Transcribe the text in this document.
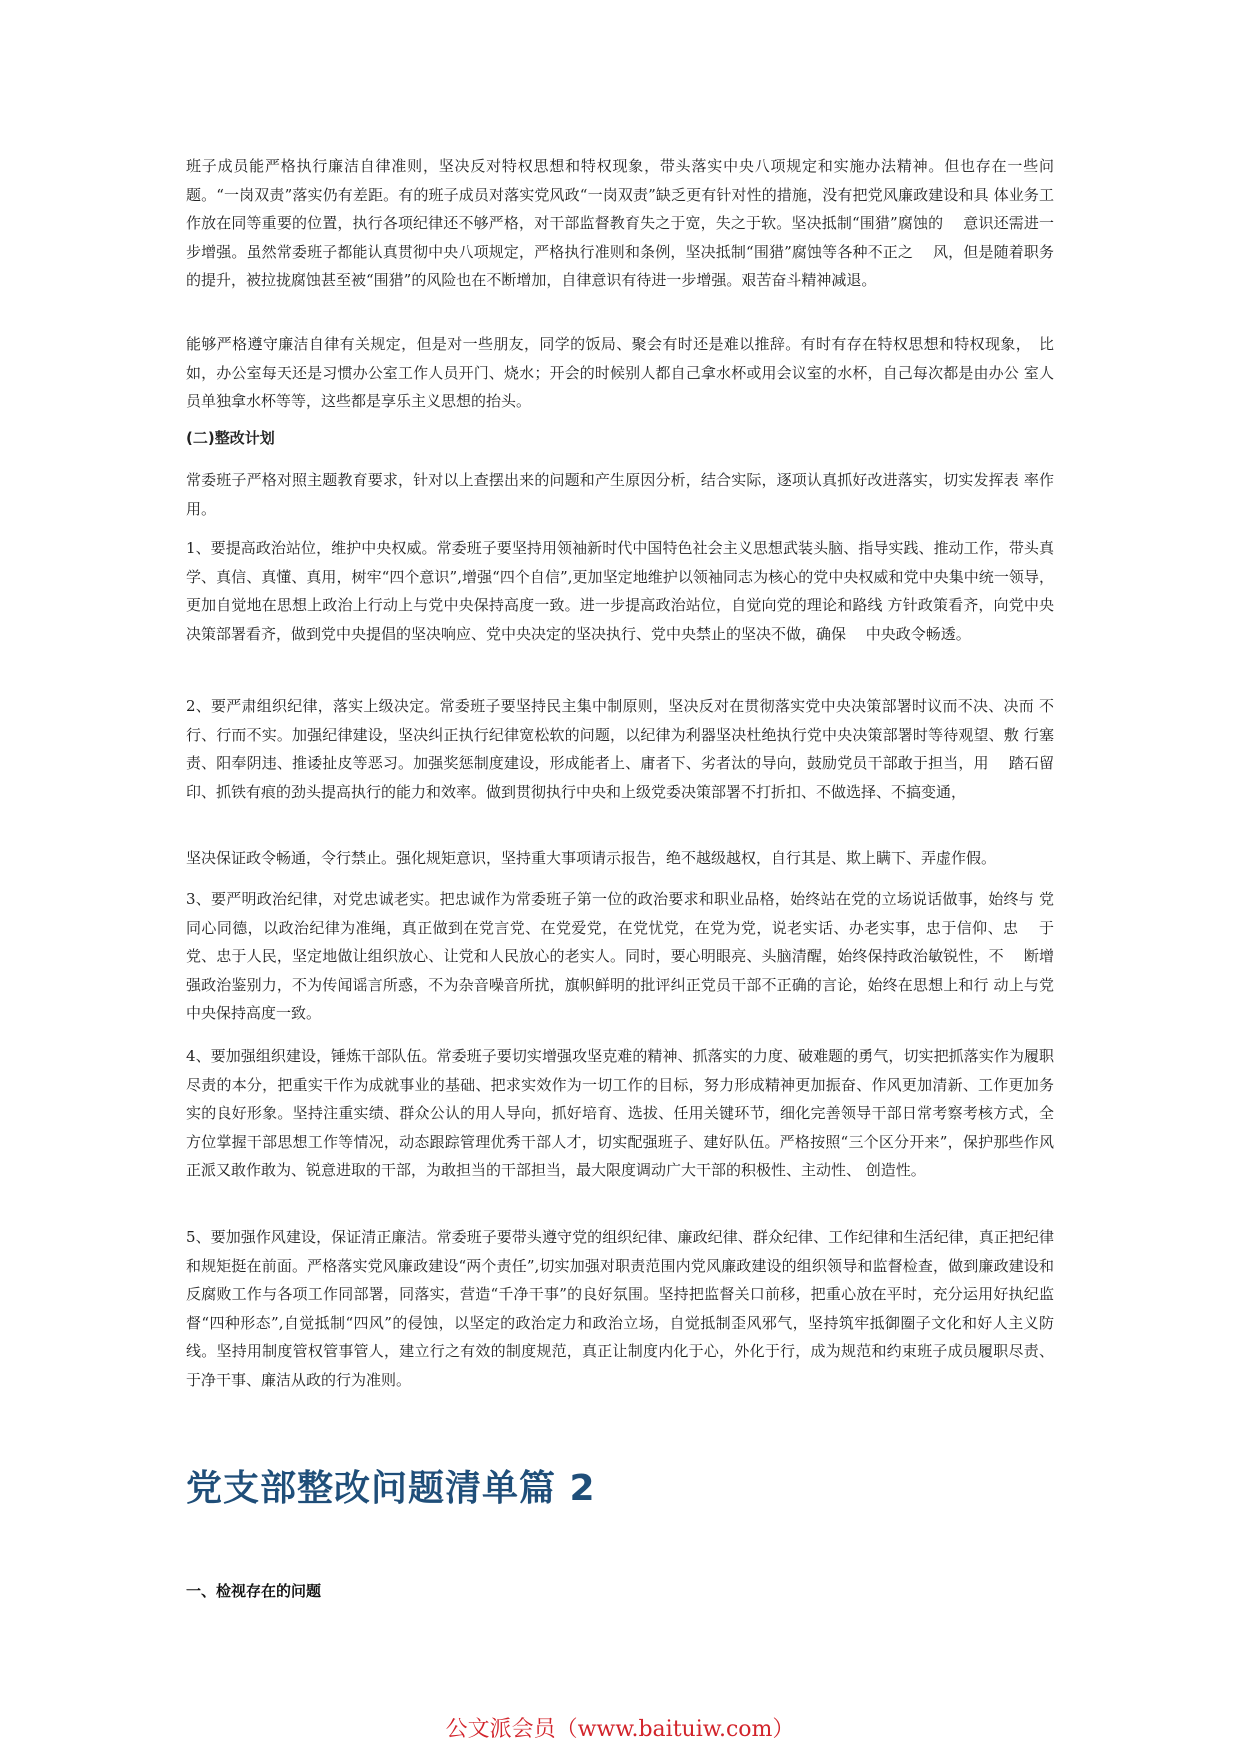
班子成员能严格执行廉洁自律准则，坚决反对特权思想和特权现象，带头落实中央八项规定和实施办法精神。但也存在一些问 题。“一岗双责”落实仍有差距。有的班子成员对落实党风政“一岗双责”缺乏更有针对性的措施，没有把党风廉政建设和具 体业务工作放在同等重要的位置，执行各项纪律还不够严格，对干部监督教育失之于宽，失之于软。坚决抵制“围猎”腐蚀的　 意识还需进一步增强。虽然常委班子都能认真贯彻中央八项规定，严格执行准则和条例，坚决抵制“围猎”腐蚀等各种不正之　 风，但是随着职务的提升，被拉拢腐蚀甚至被“围猎”的风险也在不断增加，自律意识有待进一步增强。艰苦奋斗精神减退。

能够严格遵守廉洁自律有关规定，但是对一些朋友，同学的饭局、聚会有时还是难以推辞。有时有存在特权思想和特权现象，　比如，办公室每天还是习惯办公室工作人员开门、烧水；开会的时候别人都自己拿水杯或用会议室的水杯，自己每次都是由办公 室人员单独拿水杯等等，这些都是享乐主义思想的抬头。

(二)整改计划

常委班子严格对照主题教育要求，针对以上查摆出来的问题和产生原因分析，结合实际，逐项认真抓好改进落实，切实发挥表 率作用。

1、要提高政治站位，维护中央权威。常委班子要坚持用领袖新时代中国特色社会主义思想武装头脑、指导实践、推动工作，带头真学、真信、真懂、真用，树牢“四个意识”,增强“四个自信”,更加坚定地维护以领袖同志为核心的党中央权威和党中央集中统一领导，更加自觉地在思想上政治上行动上与党中央保持高度一致。进一步提高政治站位，自觉向党的理论和路线 方针政策看齐，向党中央决策部署看齐，做到党中央提倡的坚决响应、党中央决定的坚决执行、党中央禁止的坚决不做，确保　 中央政令畅透。

2、要严肃组织纪律，落实上级决定。常委班子要坚持民主集中制原则，坚决反对在贯彻落实党中央决策部署时议而不决、决而 不行、行而不实。加强纪律建设，坚决纠正执行纪律宽松软的问题，以纪律为利器坚决杜绝执行党中央决策部署时等待观望、敷 行塞责、阳奉阴违、推诿扯皮等恶习。加强奖惩制度建设，形成能者上、庸者下、劣者汰的导向，鼓励党员干部敢于担当，用　 踏石留印、抓铁有痕的劲头提高执行的能力和效率。做到贯彻执行中央和上级党委决策部署不打折扣、不做选择、不搞变通，

坚决保证政令畅通，令行禁止。强化规矩意识，坚持重大事项请示报告，绝不越级越权，自行其是、欺上瞒下、弄虚作假。

3、要严明政治纪律，对党忠诚老实。把忠诚作为常委班子第一位的政治要求和职业品格，始终站在党的立场说话做事，始终与 党同心同德，以政治纪律为准绳，真正做到在党言党、在党爱党，在党忧党，在党为党，说老实话、办老实事，忠于信仰、忠　 于党、忠于人民，坚定地做让组织放心、让党和人民放心的老实人。同时，要心明眼亮、头脑清醒，始终保持政治敏锐性，不　 断增强政治鉴别力，不为传闻谣言所惑，不为杂音噪音所扰，旗帜鲜明的批评纠正党员干部不正确的言论，始终在思想上和行 动上与党中央保持高度一致。

4、要加强组织建设，锤炼干部队伍。常委班子要切实增强攻坚克难的精神、抓落实的力度、破难题的勇气，切实把抓落实作为履职尽责的本分，把重实干作为成就事业的基础、把求实效作为一切工作的目标，努力形成精神更加振奋、作风更加清新、工作更加务实的良好形象。坚持注重实绩、群众公认的用人导向，抓好培育、选拔、任用关键环节，细化完善领导干部日常考察考核方式，全方位掌握干部思想工作等情况，动态跟踪管理优秀干部人才，切实配强班子、建好队伍。严格按照“三个区分开来”，保护那些作风正派又敢作敢为、锐意进取的干部，为敢担当的干部担当，最大限度调动广大干部的积极性、主动性、 创造性。

5、要加强作风建设，保证清正廉洁。常委班子要带头遵守党的组织纪律、廉政纪律、群众纪律、工作纪律和生活纪律，真正把纪律和规矩挺在前面。严格落实党风廉政建设“两个责任”,切实加强对职责范围内党风廉政建设的组织领导和监督检查，做到廉政建设和反腐败工作与各项工作同部署，同落实，营造“千净干事”的良好氛围。坚持把监督关口前移，把重心放在平时，充分运用好执纪监督“四种形态”,自觉抵制“四风”的侵蚀，以坚定的政治定力和政治立场，自觉抵制歪风邪气，坚持筑牢抵御圈子文化和好人主义防线。坚持用制度管权管事管人，建立行之有效的制度规范，真正让制度内化于心，外化于行，成为规范和约束班子成员履职尽责、于净干事、廉洁从政的行为准则。

党支部整改问题清单篇 2
一、检视存在的问题

公文派会员（www.baituiw.com）
